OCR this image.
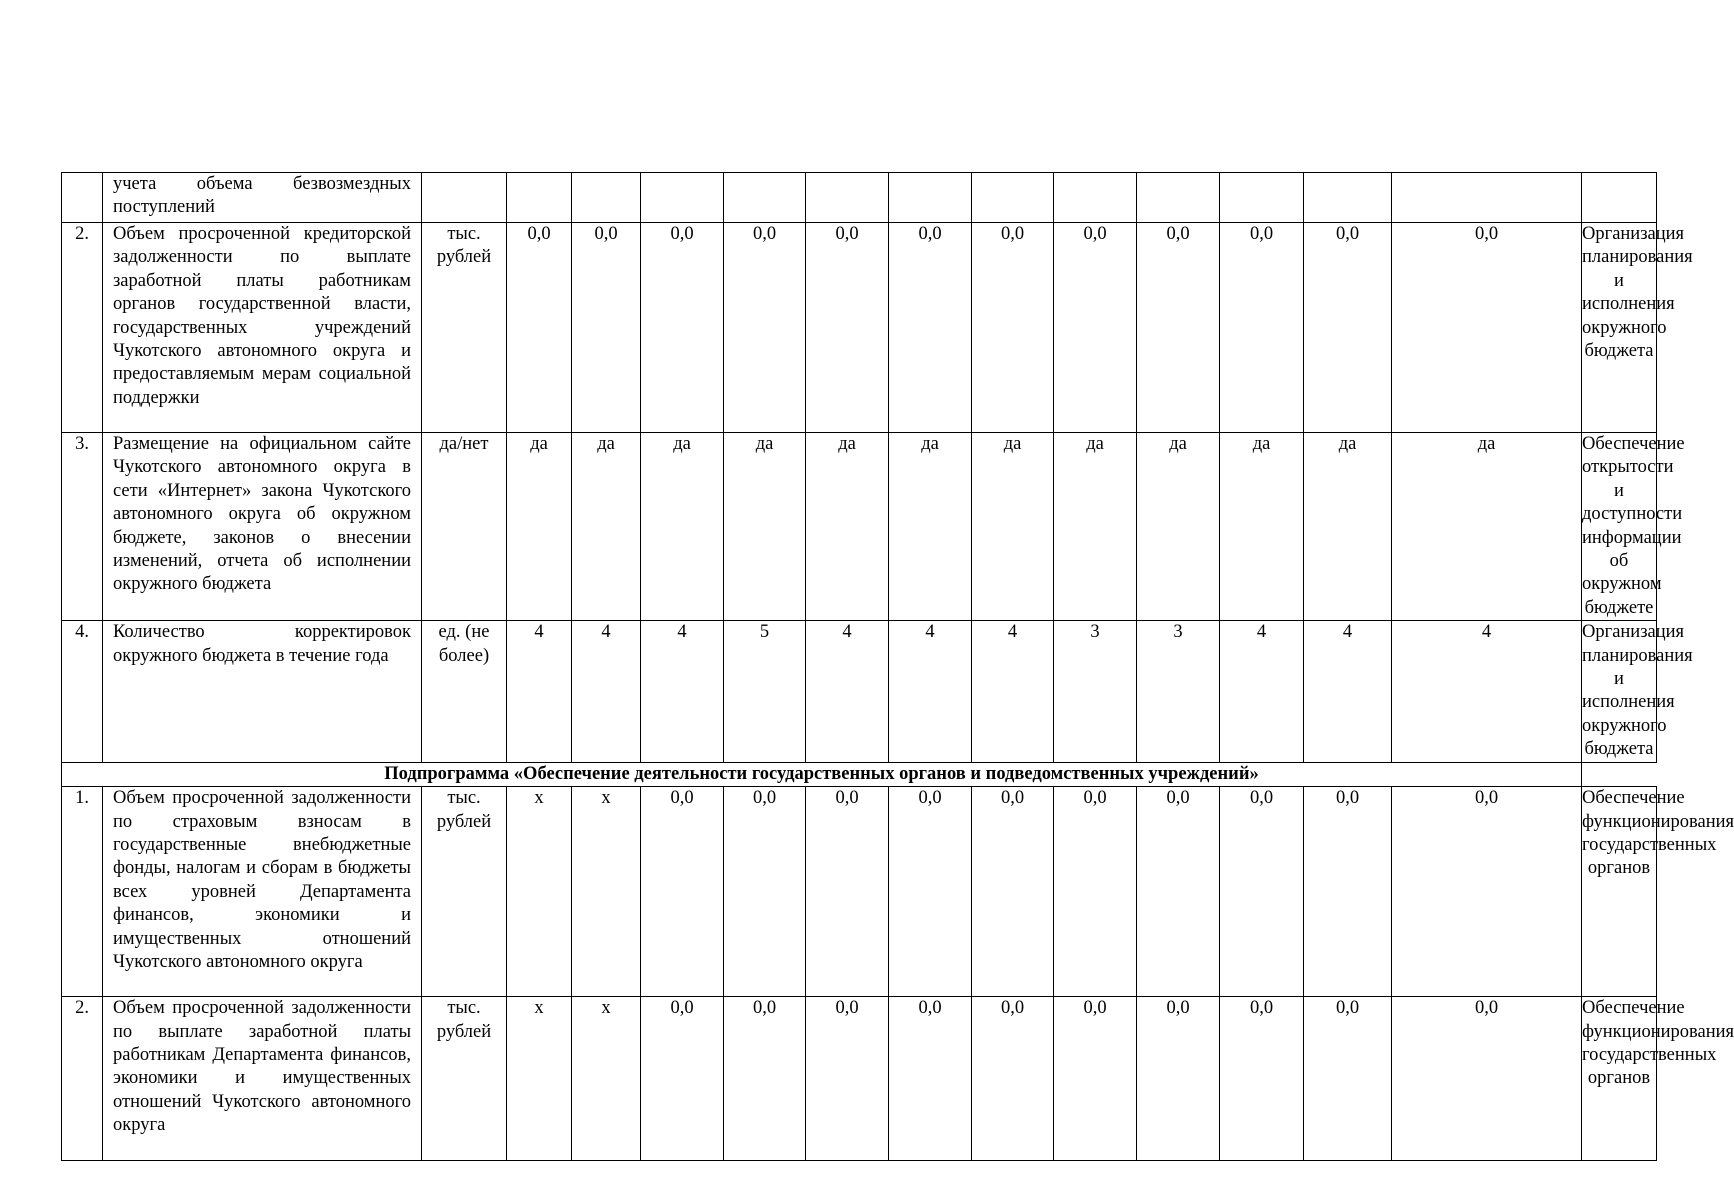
	учета объема безвозмездных поступлений														
2.	Объем просроченной кредиторской задолженности по выплате заработной платы работникам органов государственной власти, государственных учреждений Чукотского автономного округа и предоставляемым мерам социальной поддержки	тыс. рублей	0,0	0,0	0,0	0,0	0,0	0,0	0,0	0,0	0,0	0,0	0,0	0,0	Организация планирования и исполнения окружного бюджета
3.	Размещение на официальном сайте Чукотского автономного округа в сети «Интернет» закона Чукотского автономного округа об окружном бюджете, законов о внесении изменений, отчета об исполнении окружного бюджета	да/нет	да	да	да	да	да	да	да	да	да	да	да	да	Обеспечение открытости и доступности информации об окружном бюджете
4.	Количество корректировок окружного бюджета в течение года	ед. (не более)	4	4	4	5	4	4	4	3	3	4	4	4	Организация планирования и исполнения окружного бюджета
Подпрограмма «Обеспечение деятельности государственных органов и подведомственных учреждений»															
1.	Объем просроченной задолженности по страховым взносам в государственные внебюджетные фонды, налогам и сборам в бюджеты всех уровней Департамента финансов, экономики и имущественных отношений Чукотского автономного округа	тыс. рублей	х	х	0,0	0,0	0,0	0,0	0,0	0,0	0,0	0,0	0,0	0,0	Обеспечение функционирования государственных органов
2.	Объем просроченной задолженности по выплате заработной платы работникам Департамента финансов, экономики и имущественных отношений Чукотского автономного округа	тыс. рублей	х	х	0,0	0,0	0,0	0,0	0,0	0,0	0,0	0,0	0,0	0,0	Обеспечение функционирования государственных органов
